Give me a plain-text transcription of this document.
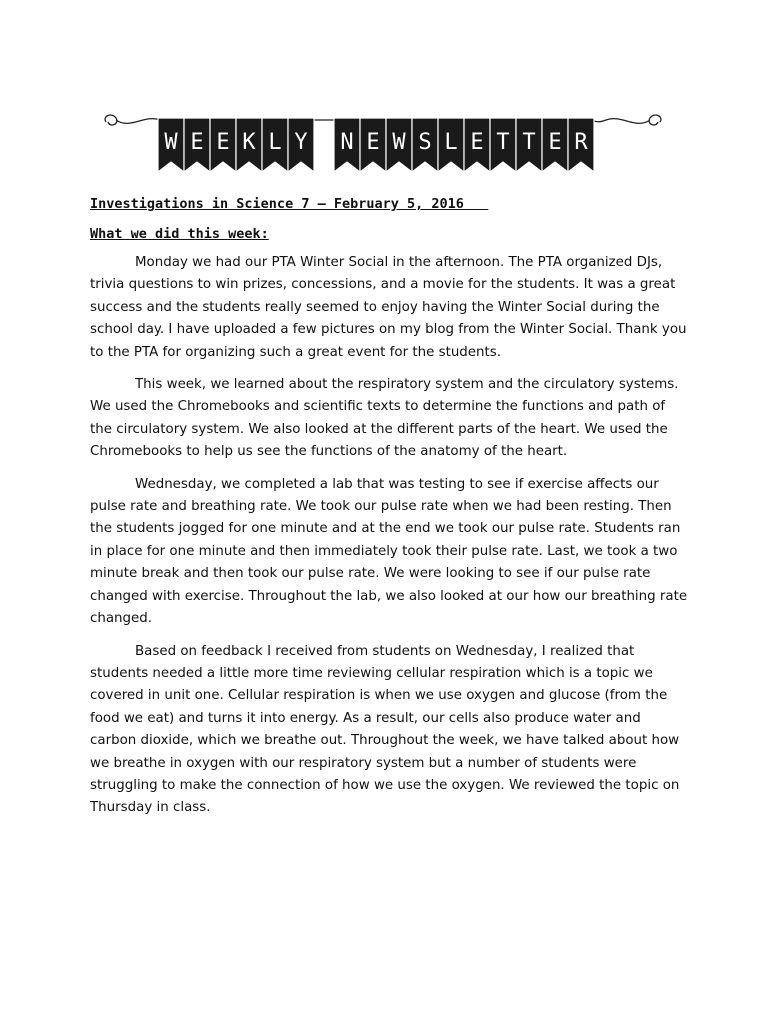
W E E K L Y N E W S L E T T E R

Investigations in Science 7 – February 5, 2016

What we did this week:

Monday we had our PTA Winter Social in the afternoon. The PTA organized DJs, trivia questions to win prizes, concessions, and a movie for the students. It was a great success and the students really seemed to enjoy having the Winter Social during the school day. I have uploaded a few pictures on my blog from the Winter Social. Thank you to the PTA for organizing such a great event for the students.

This week, we learned about the respiratory system and the circulatory systems. We used the Chromebooks and scientific texts to determine the functions and path of the circulatory system. We also looked at the different parts of the heart. We used the Chromebooks to help us see the functions of the anatomy of the heart.

Wednesday, we completed a lab that was testing to see if exercise affects our pulse rate and breathing rate. We took our pulse rate when we had been resting. Then the students jogged for one minute and at the end we took our pulse rate. Students ran in place for one minute and then immediately took their pulse rate. Last, we took a two minute break and then took our pulse rate. We were looking to see if our pulse rate changed with exercise. Throughout the lab, we also looked at our how our breathing rate changed.

Based on feedback I received from students on Wednesday, I realized that students needed a little more time reviewing cellular respiration which is a topic we covered in unit one. Cellular respiration is when we use oxygen and glucose (from the food we eat) and turns it into energy. As a result, our cells also produce water and carbon dioxide, which we breathe out. Throughout the week, we have talked about how we breathe in oxygen with our respiratory system but a number of students were struggling to make the connection of how we use the oxygen. We reviewed the topic on Thursday in class.
